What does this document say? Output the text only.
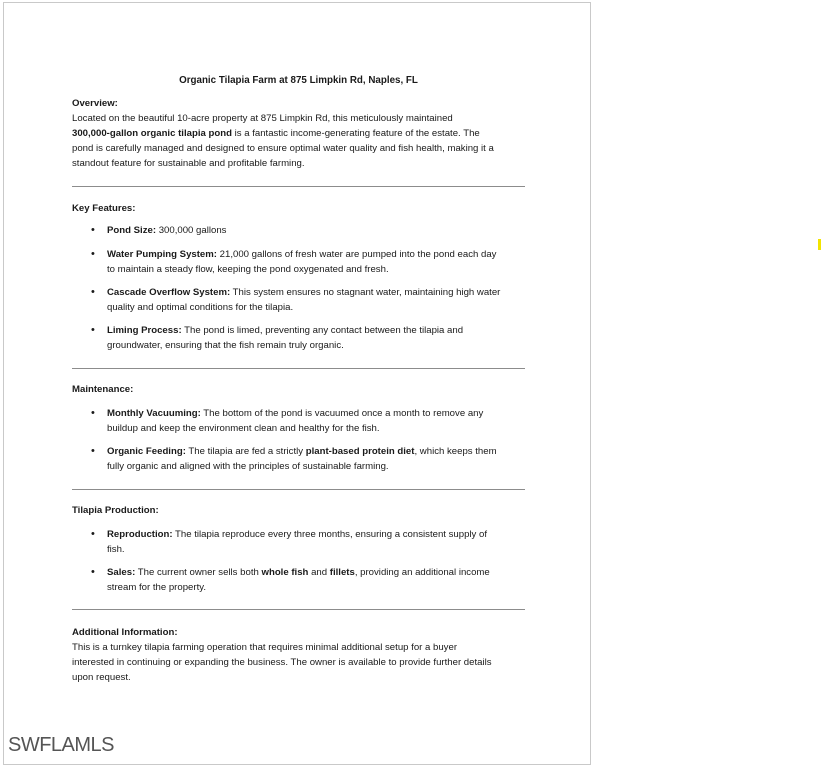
Organic Tilapia Farm at 875 Limpkin Rd, Naples, FL
Overview:
Located on the beautiful 10-acre property at 875 Limpkin Rd, this meticulously maintained
300,000-gallon organic tilapia pond is a fantastic income-generating feature of the estate. The
pond is carefully managed and designed to ensure optimal water quality and fish health, making it a
standout feature for sustainable and profitable farming.
Key Features:
• Pond Size: 300,000 gallons
• Water Pumping System: 21,000 gallons of fresh water are pumped into the pond each day
to maintain a steady flow, keeping the pond oxygenated and fresh.
• Cascade Overflow System: This system ensures no stagnant water, maintaining high water
quality and optimal conditions for the tilapia.
• Liming Process: The pond is limed, preventing any contact between the tilapia and
groundwater, ensuring that the fish remain truly organic.
Maintenance:
• Monthly Vacuuming: The bottom of the pond is vacuumed once a month to remove any
buildup and keep the environment clean and healthy for the fish.
• Organic Feeding: The tilapia are fed a strictly plant-based protein diet, which keeps them
fully organic and aligned with the principles of sustainable farming.
Tilapia Production:
• Reproduction: The tilapia reproduce every three months, ensuring a consistent supply of
fish.
• Sales: The current owner sells both whole fish and fillets, providing an additional income
stream for the property.
Additional Information:
This is a turnkey tilapia farming operation that requires minimal additional setup for a buyer
interested in continuing or expanding the business. The owner is available to provide further details
upon request.
SWFLAMLS
